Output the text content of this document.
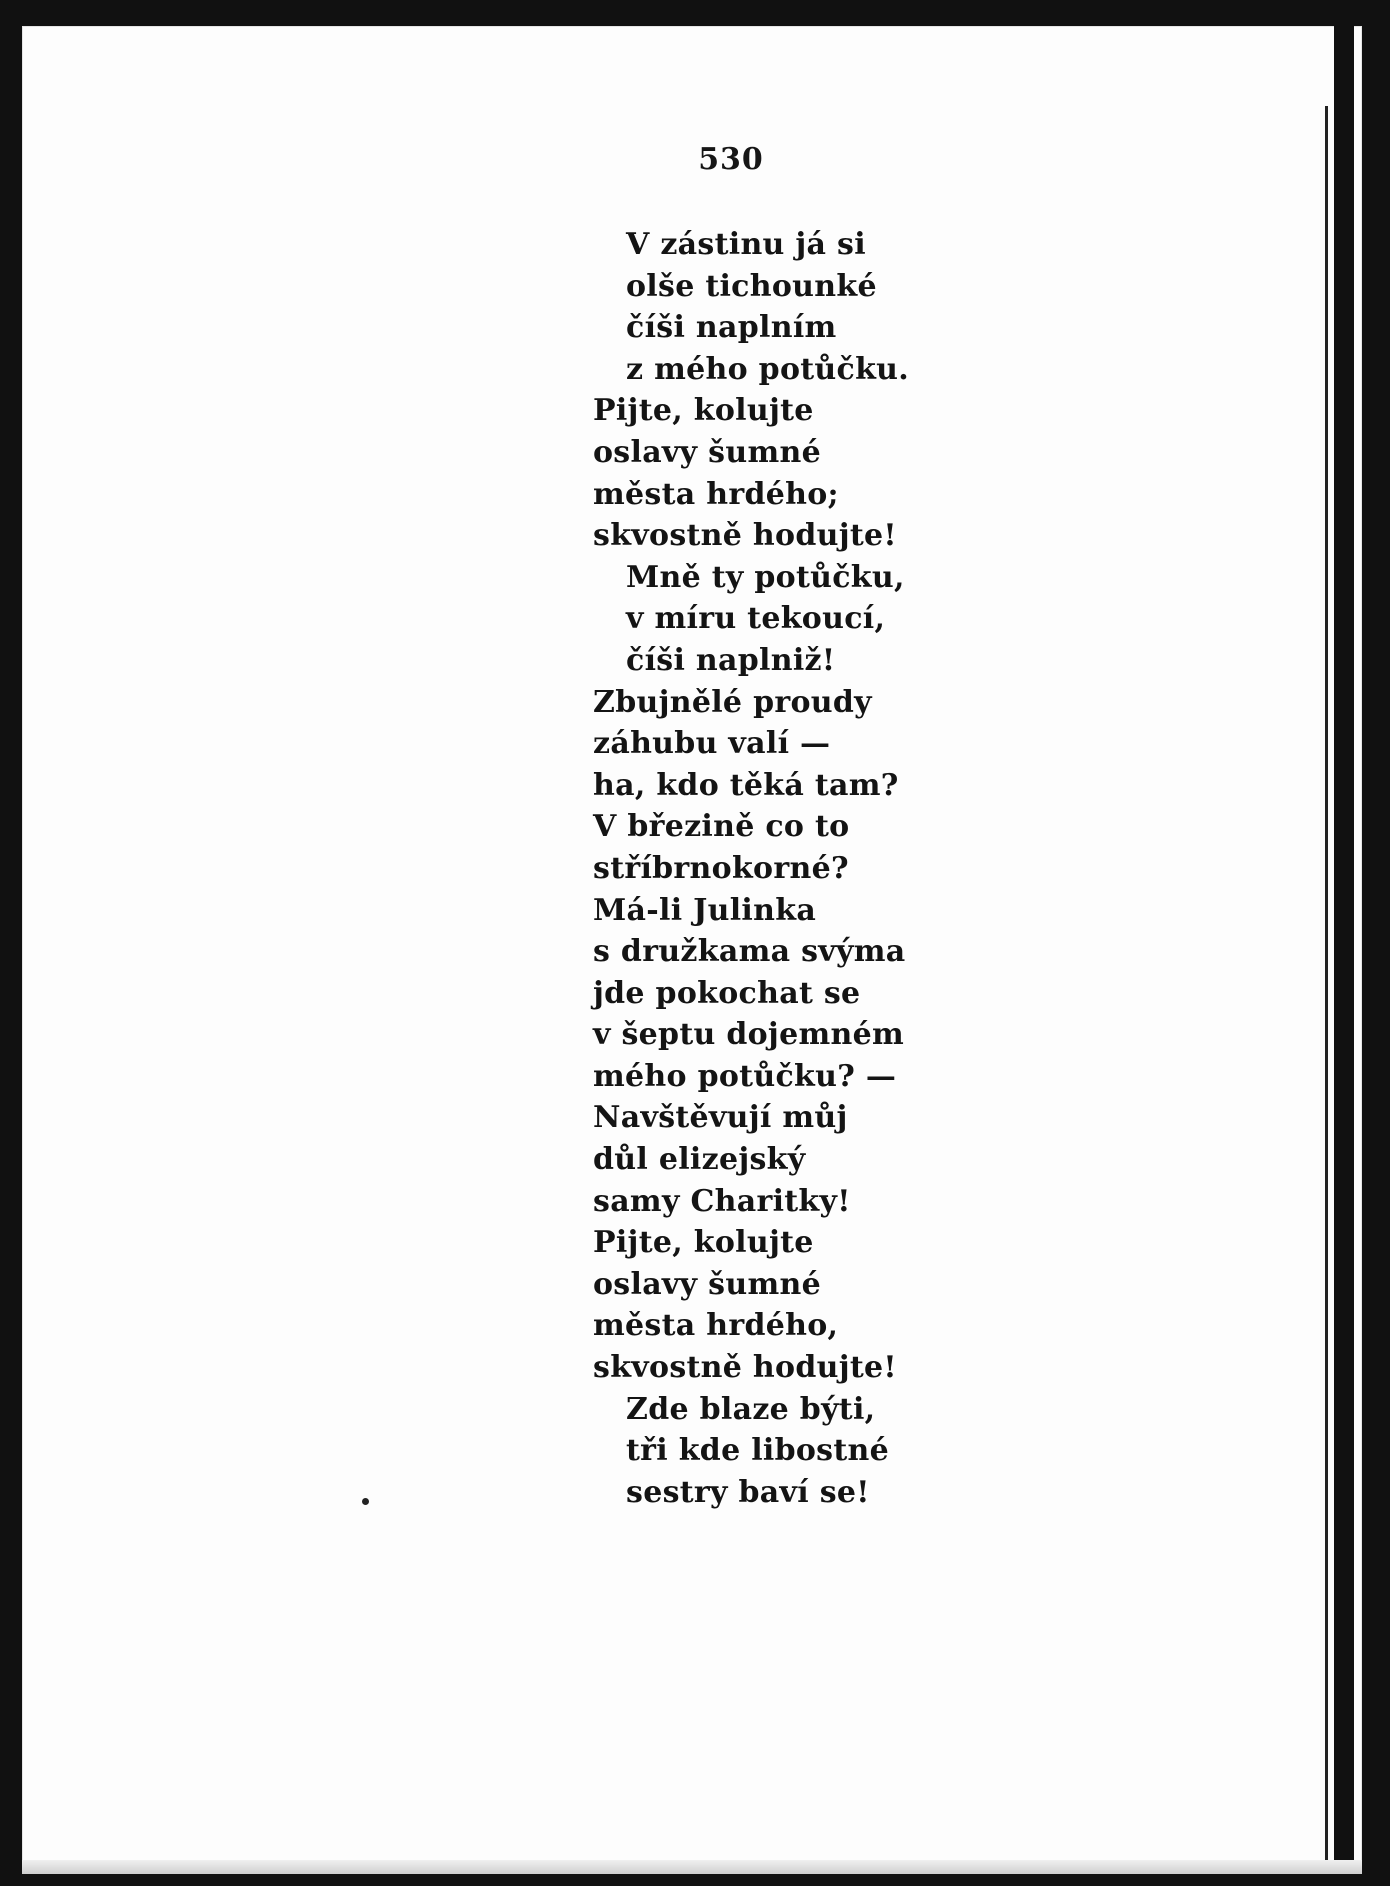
530
V zástinu já si
olše tichounké
číši naplním
z mého potůčku.
Pijte, kolujte
oslavy šumné
města hrdého;
skvostně hodujte!
Mně ty potůčku,
v míru tekoucí,
číši naplniž!
Zbujnělé proudy
záhubu valí —
ha, kdo těká tam?
V březině co to
stříbrnokorné?
Má-li Julinka
s družkama svýma
jde pokochat se
v šeptu dojemném
mého potůčku? —
Navštěvují můj
důl elizejský
samy Charitky!
Pijte, kolujte
oslavy šumné
města hrdého,
skvostně hodujte!
Zde blaze býti,
tři kde libostné
sestry baví se!
